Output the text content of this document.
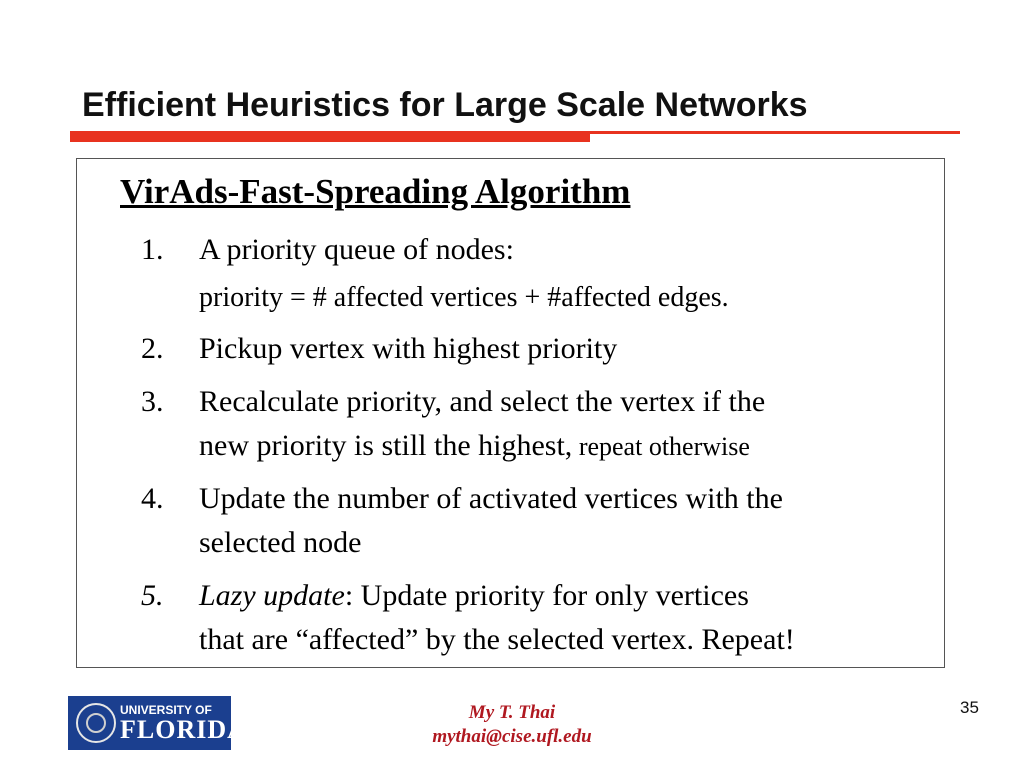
Efficient Heuristics for Large Scale Networks
VirAds-Fast-Spreading Algorithm
1. A priority queue of nodes:
priority = # affected vertices + #affected edges.
2. Pickup vertex with highest priority
3. Recalculate priority, and select the vertex if the
new priority is still the highest, repeat otherwise
4. Update the number of activated vertices with the
selected node
5. Lazy update: Update priority for only vertices
that are “affected” by the selected vertex. Repeat!
UNIVERSITY OF
FLORIDA
My T. Thai
mythai@cise.ufl.edu
35
